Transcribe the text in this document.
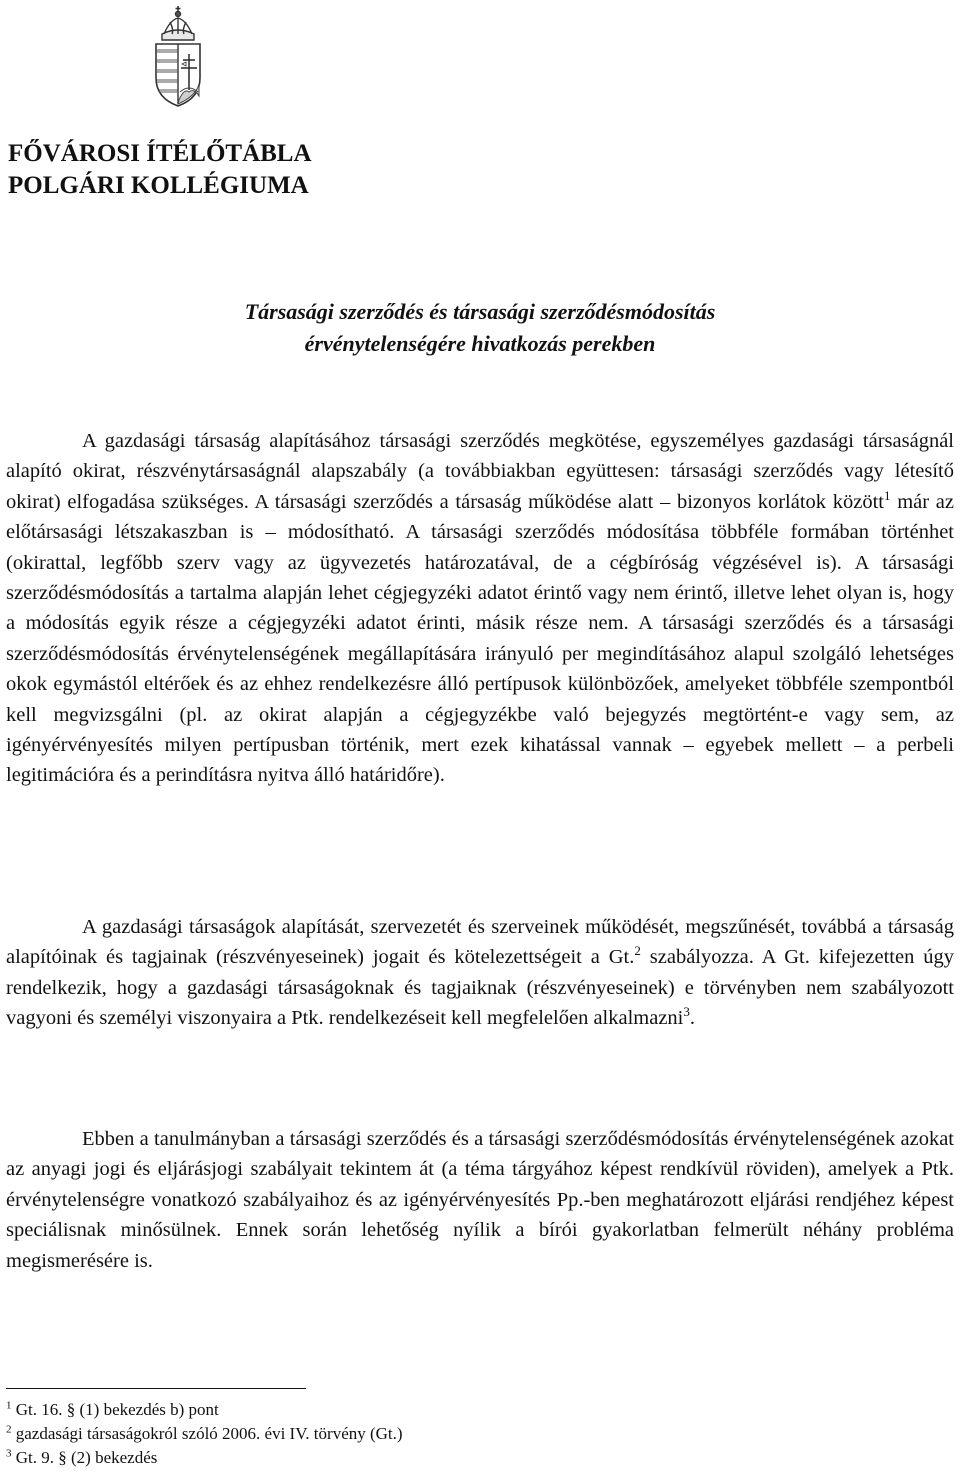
FŐVÁROSI ÍTÉLŐTÁBLA
POLGÁRI KOLLÉGIUMA
Társasági szerződés és társasági szerződésmódosítás
érvénytelenségére hivatkozás perekben

A gazdasági társaság alapításához társasági szerződés megkötése, egyszemélyes gazdasági társaságnál alapító okirat, részvénytársaságnál alapszabály (a továbbiakban együttesen: társasági szerződés vagy létesítő okirat) elfogadása szükséges. A társasági szerződés a társaság működése alatt – bizonyos korlátok között$^1$ már az előtársasági létszakaszban is – módosítható. A társasági szerződés módosítása többféle formában történhet (okirattal, legfőbb szerv vagy az ügyvezetés határozatával, de a cégbíróság végzésével is). A társasági szerződésmódosítás a tartalma alapján lehet cégjegyzéki adatot érintő vagy nem érintő, illetve lehet olyan is, hogy a módosítás egyik része a cégjegyzéki adatot érinti, másik része nem. A társasági szerződés és a társasági szerződésmódosítás érvénytelenségének megállapítására irányuló per megindításához alapul szolgáló lehetséges okok egymástól eltérőek és az ehhez rendelkezésre álló pertípusok különbözőek, amelyeket többféle szempontból kell megvizsgálni (pl. az okirat alapján a cégjegyzékbe való bejegyzés megtörtént-e vagy sem, az igényérvényesítés milyen pertípusban történik, mert ezek kihatással vannak – egyebek mellett – a perbeli legitimációra és a perindításra nyitva álló határidőre).

A gazdasági társaságok alapítását, szervezetét és szerveinek működését, megszűnését, továbbá a társaság alapítóinak és tagjainak (részvényeseinek) jogait és kötelezettségeit a Gt.$^2$ szabályozza. A Gt. kifejezetten úgy rendelkezik, hogy a gazdasági társaságoknak és tagjaiknak (részvényeseinek) e törvényben nem szabályozott vagyoni és személyi viszonyaira a Ptk. rendelkezéseit kell megfelelően alkalmazni$^3$.

Ebben a tanulmányban a társasági szerződés és a társasági szerződésmódosítás érvénytelenségének azokat az anyagi jogi és eljárásjogi szabályait tekintem át (a téma tárgyához képest rendkívül röviden), amelyek a Ptk. érvénytelenségre vonatkozó szabályaihoz és az igényérvényesítés Pp.-ben meghatározott eljárási rendjéhez képest speciálisnak minősülnek. Ennek során lehetőség nyílik a bírói gyakorlatban felmerült néhány probléma megismerésére is.

$^1$ Gt. 16. § (1) bekezdés b) pont
$^2$ gazdasági társaságokról szóló 2006. évi IV. törvény (Gt.)
$^3$ Gt. 9. § (2) bekezdés
